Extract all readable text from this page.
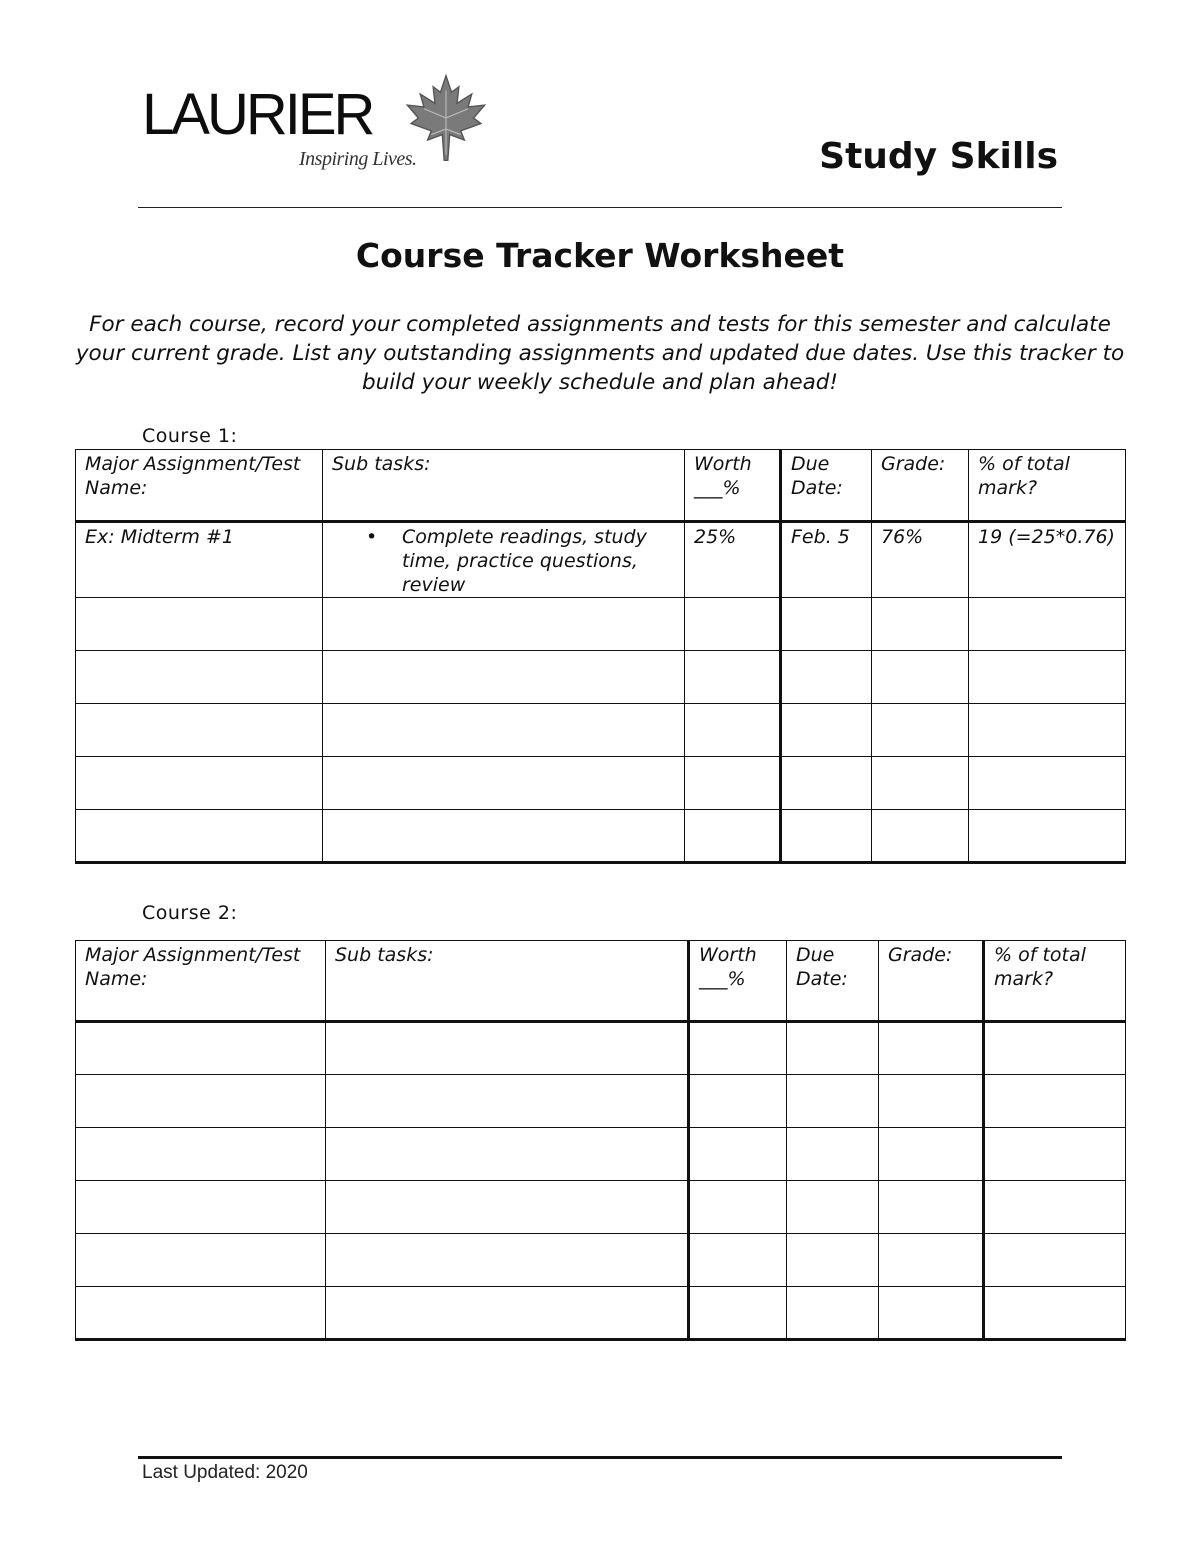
LAURIER
Inspiring Lives.	Study Skills
Course Tracker Worksheet
For each course, record your completed assignments and tests for this semester and calculate your current grade. List any outstanding assignments and updated due dates. Use this tracker to build your weekly schedule and plan ahead!
Course 1:
Major Assignment/Test Name:	Sub tasks:	Worth ___%	Due Date:	Grade:	% of total mark?
Ex: Midterm #1	• Complete readings, study time, practice questions, review	25%	Feb. 5	76%	19 (=25*0.76)

Course 2:
Major Assignment/Test Name:	Sub tasks:	Worth ___%	Due Date:	Grade:	% of total mark?

Last Updated: 2020
